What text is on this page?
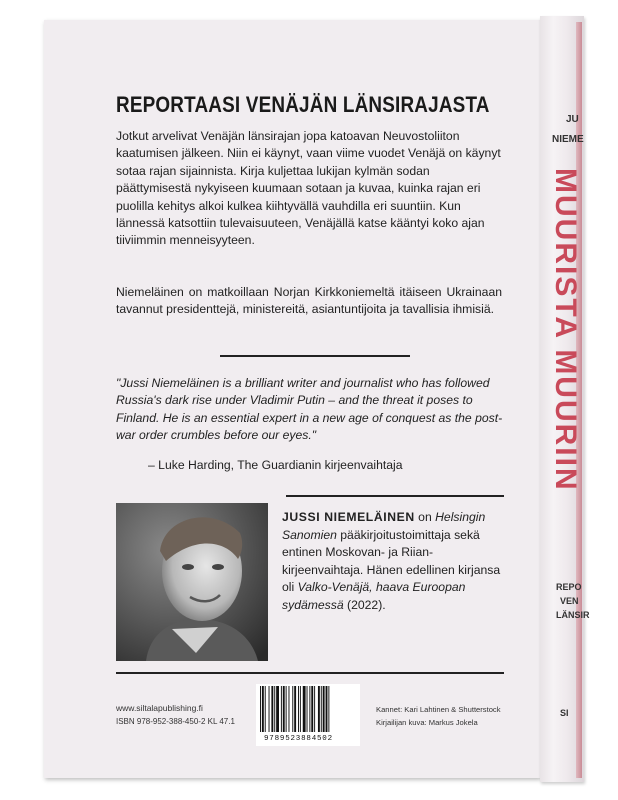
REPORTAASI VENÄJÄN LÄNSIRAJASTA
Jotkut arvelivat Venäjän länsirajan jopa katoavan Neuvostoliiton kaatumisen jälkeen. Niin ei käynyt, vaan viime vuodet Venäjä on käynyt sotaa rajan sijainnista. Kirja kuljettaa lukijan kylmän sodan päättymisestä nykyiseen kuumaan sotaan ja kuvaa, kuinka rajan eri puolilla kehitys alkoi kulkea kiihtyvällä vauhdilla eri suuntiin. Kun lännessä katsottiin tulevaisuuteen, Venäjällä katse kääntyi koko ajan tiiviimmin menneisyyteen.
Niemeläinen on matkoillaan Norjan Kirkkoniemeltä itäiseen Ukrainaan tavannut presidenttejä, ministereitä, asiantuntijoita ja tavallisia ihmisiä.
"Jussi Niemeläinen is a brilliant writer and journalist who has followed Russia's dark rise under Vladimir Putin – and the threat it poses to Finland. He is an essential expert in a new age of conquest as the post-war order crumbles before our eyes."
– Luke Harding, The Guardianin kirjeenvaihtaja
JUSSI NIEMELÄINEN on Helsingin Sanomien pääkirjoitustoimittaja sekä entinen Moskovan- ja Riiankirjeenvaihtaja. Hänen edellinen kirjansa oli Valko-Venäjä, haava Euroopan sydämessä (2022).
www.siltalapublishing.fi
ISBN 978-952-388-450-2 KL 47.1
9789523884502
Kannet: Kari Lahtinen & Shutterstock
Kirjailijan kuva: Markus Jokela
JU
NIEME
MUURISTA MUURIIN
REPO
VEN
LÄNSIR
SI
